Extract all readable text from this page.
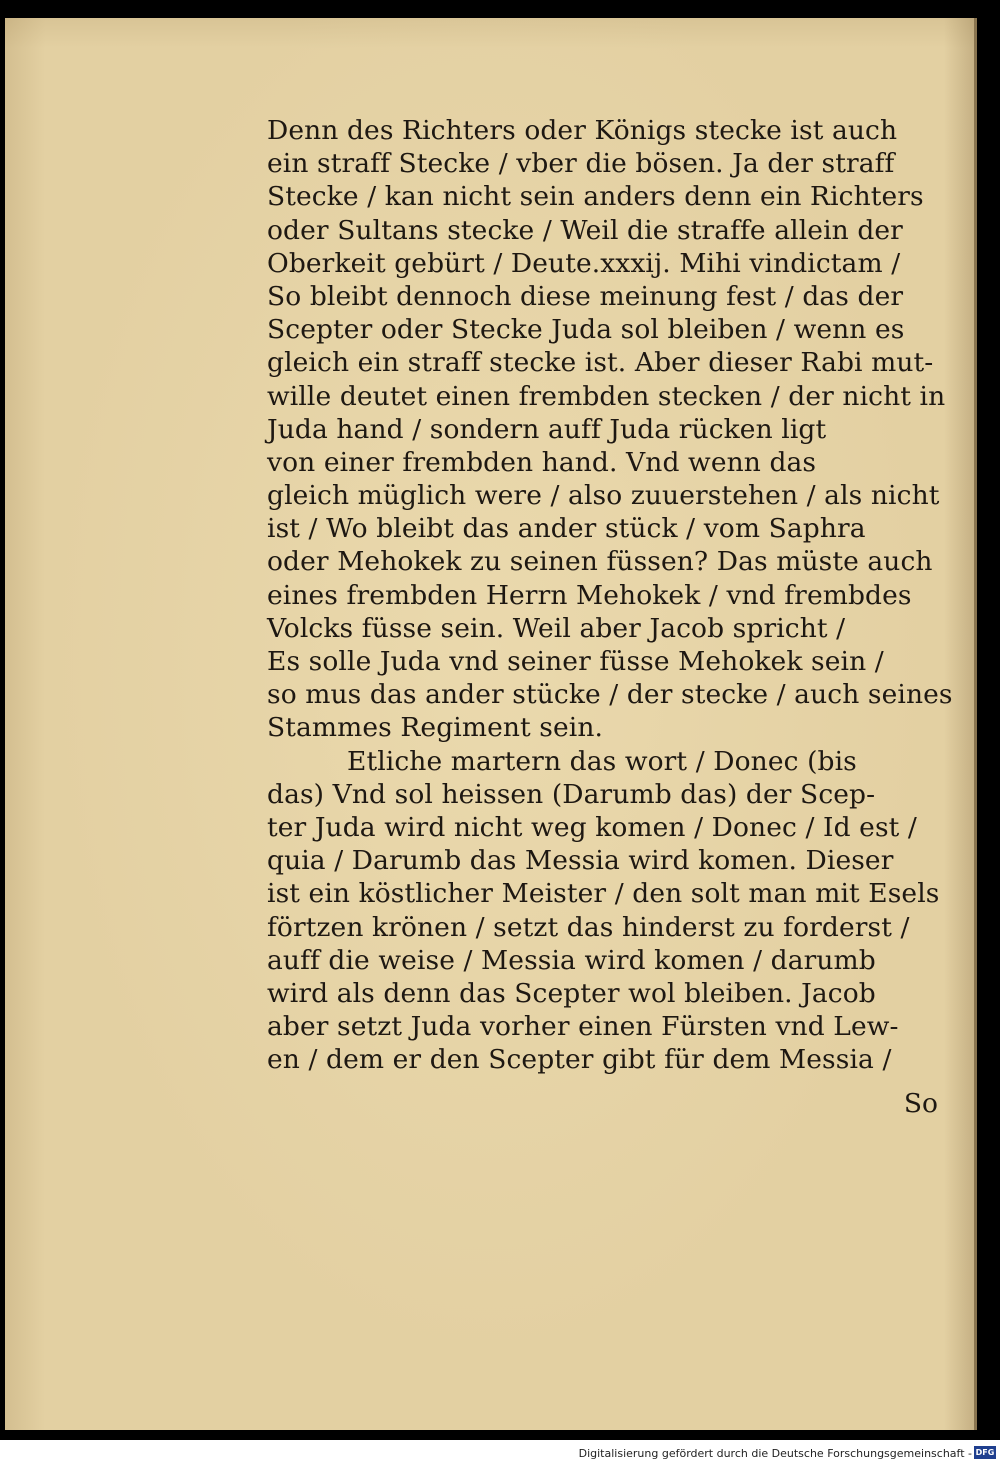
Denn des Richters oder Königs stecke ist auch
ein straff Stecke / vber die bösen. Ja der straff
Stecke / kan nicht sein anders denn ein Richters
oder Sultans stecke / Weil die straffe allein der
Oberkeit gebürt / Deute.xxxij. Mihi vindictam /
So bleibt dennoch diese meinung fest / das der
Scepter oder Stecke Juda sol bleiben / wenn es
gleich ein straff stecke ist. Aber dieser Rabi mut-
wille deutet einen frembden stecken / der nicht in
Juda hand / sondern auff Juda rücken ligt
von einer frembden hand. Vnd wenn das
gleich müglich were / also zuuerstehen / als nicht
ist / Wo bleibt das ander stück / vom Saphra
oder Mehokek zu seinen füssen? Das müste auch
eines frembden Herrn Mehokek / vnd frembdes
Volcks füsse sein. Weil aber Jacob spricht /
Es solle Juda vnd seiner füsse Mehokek sein /
so mus das ander stücke / der stecke / auch seines
Stammes Regiment sein.
Etliche martern das wort / Donec (bis
das) Vnd sol heissen (Darumb das) der Scep-
ter Juda wird nicht weg komen / Donec / Id est /
quia / Darumb das Messia wird komen. Dieser
ist ein köstlicher Meister / den solt man mit Esels
förtzen krönen / setzt das hinderst zu forderst /
auff die weise / Messia wird komen / darumb
wird als denn das Scepter wol bleiben. Jacob
aber setzt Juda vorher einen Fürsten vnd Lew-
en / dem er den Scepter gibt für dem Messia /
So
Digitalisierung gefördert durch die Deutsche Forschungsgemeinschaft - DFG
